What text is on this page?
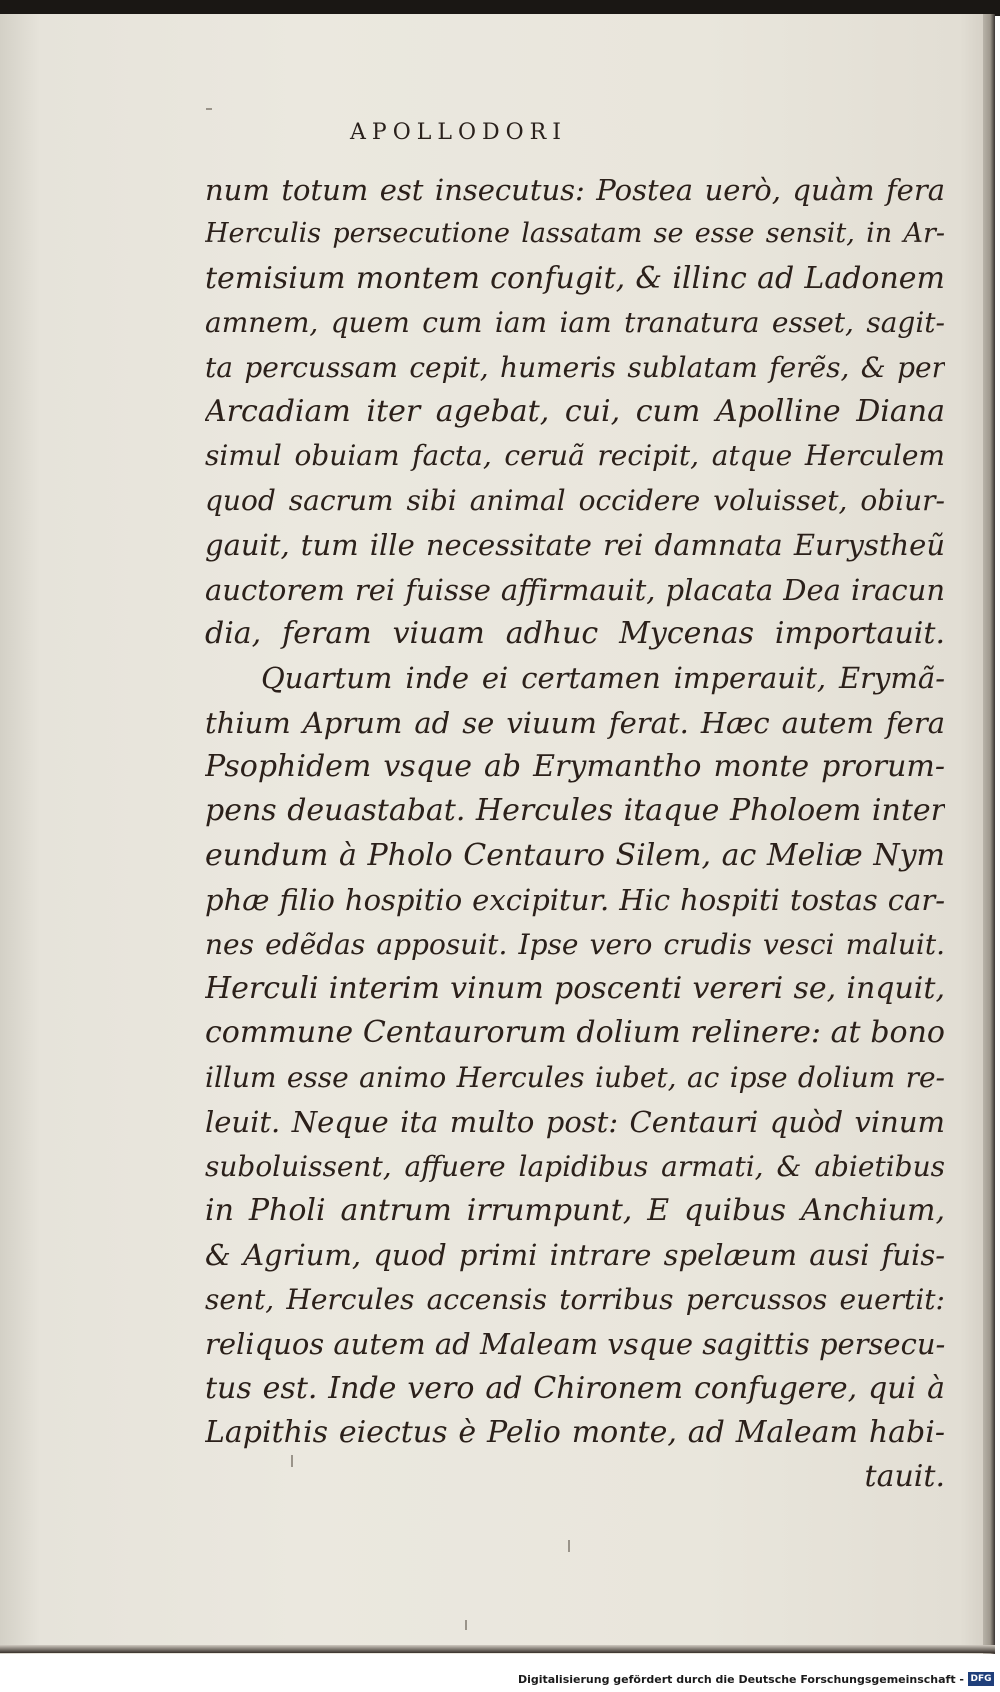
APOLLODORI
num totum est insecutus: Postea uerò, quàm fera
Herculis persecutione lassatam se esse sensit, in Ar-
temisium montem confugit, & illinc ad Ladonem
amnem, quem cum iam iam tranatura esset, sagit-
ta percussam cepit, humeris sublatam ferẽs, & per
Arcadiam iter agebat, cui, cum Apolline Diana
simul obuiam facta, ceruã recipit, atque Herculem
quod sacrum sibi animal occidere voluisset, obiur-
gauit, tum ille necessitate rei damnata Eurystheũ
auctorem rei fuisse affirmauit, placata Dea iracun
dia, feram viuam adhuc Mycenas importauit.
Quartum inde ei certamen imperauit, Erymã-
thium Aprum ad se viuum ferat. Hæc autem fera
Psophidem vsque ab Erymantho monte prorum-
pens deuastabat. Hercules itaque Pholoem inter
eundum à Pholo Centauro Silem, ac Meliæ Nym
phæ filio hospitio excipitur. Hic hospiti tostas car-
nes edẽdas apposuit. Ipse vero crudis vesci maluit.
Herculi interim vinum poscenti vereri se, inquit,
commune Centaurorum dolium relinere: at bono
illum esse animo Hercules iubet, ac ipse dolium re-
leuit. Neque ita multo post: Centauri quòd vinum
suboluissent, affuere lapidibus armati, & abietibus
in Pholi antrum irrumpunt, E quibus Anchium,
& Agrium, quod primi intrare spelæum ausi fuis-
sent, Hercules accensis torribus percussos euertit:
reliquos autem ad Maleam vsque sagittis persecu-
tus est. Inde vero ad Chironem confugere, qui à
Lapithis eiectus è Pelio monte, ad Maleam habi-
tauit.
Digitalisierung gefördert durch die Deutsche Forschungsgemeinschaft - DFG
